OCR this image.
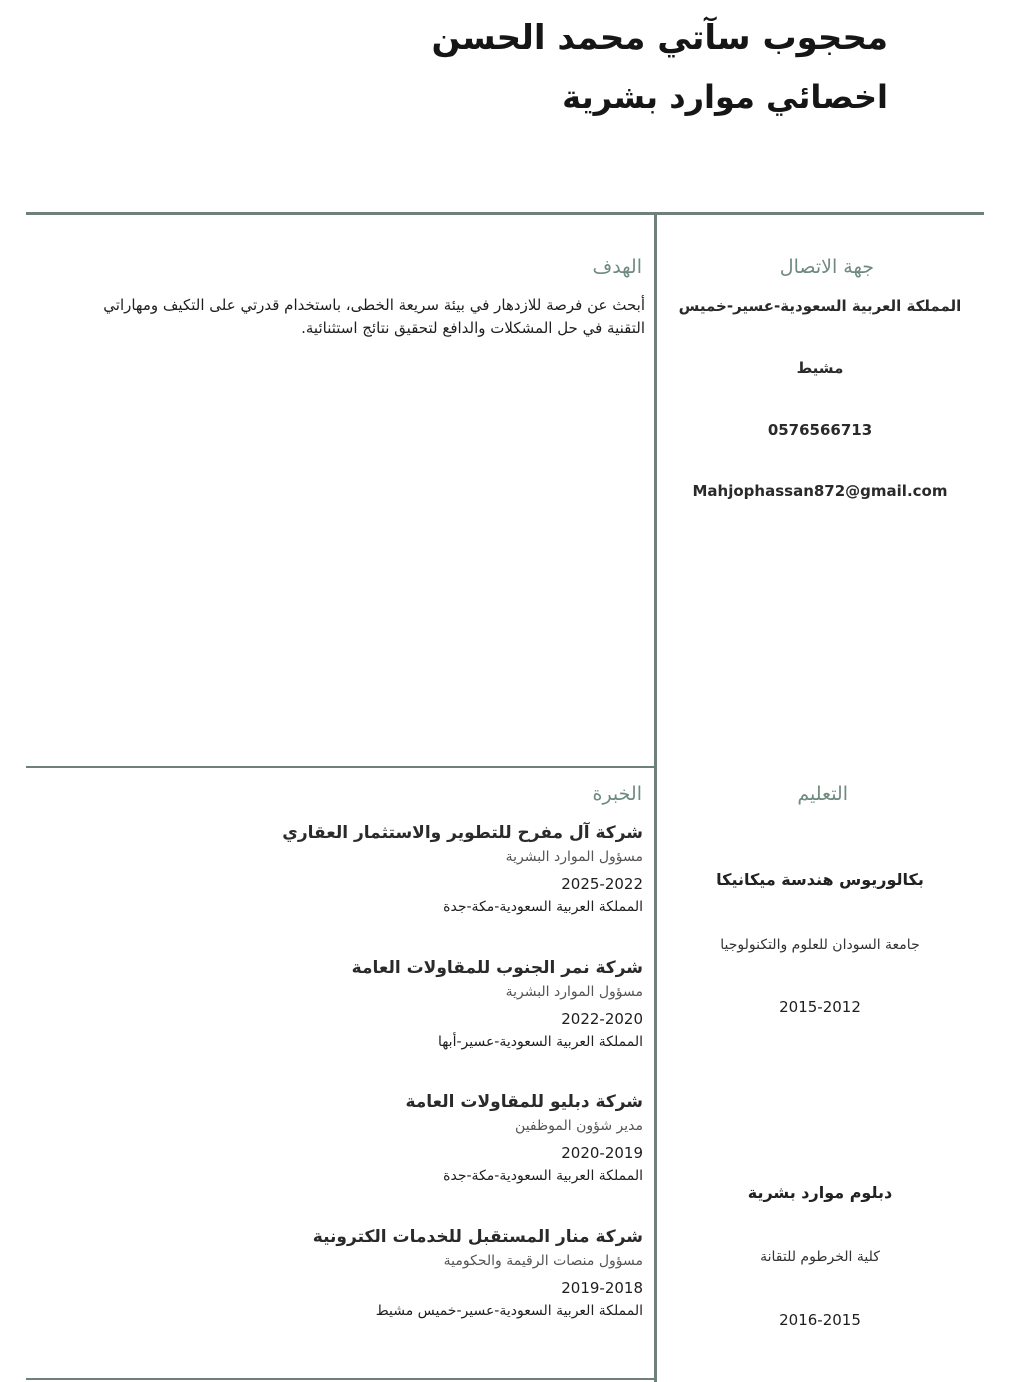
محجوب سآتي محمد الحسن
اخصائي موارد بشرية
جهة الاتصال
المملكة العربية السعودية-عسير-خميس
مشيط
0576566713
Mahjophassan872@gmail.com
الهدف
أبحث عن فرصة للازدهار في بيئة سريعة الخطى، باستخدام قدرتي على التكيف ومهاراتي التقنية في حل المشكلات والدافع لتحقيق نتائج استثنائية.
التعليم
بكالوريوس هندسة ميكانيكا
جامعة السودان للعلوم والتكنولوجيا
2015-2012
دبلوم موارد بشرية
كلية الخرطوم للتقانة
2016-2015
الخبرة
شركة آل مفرح للتطوير والاستثمار العقاري
مسؤول الموارد البشرية
2025-2022
المملكة العربية السعودية-مكة-جدة
شركة نمر الجنوب للمقاولات العامة
مسؤول الموارد البشرية
2022-2020
المملكة العربية السعودية-عسير-أبها
شركة دبليو للمقاولات العامة
مدير شؤون الموظفين
2020-2019
المملكة العربية السعودية-مكة-جدة
شركة منار المستقبل للخدمات الكترونية
مسؤول منصات الرقيمة والحكومية
2019-2018
المملكة العربية السعودية-عسير-خميس مشيط
